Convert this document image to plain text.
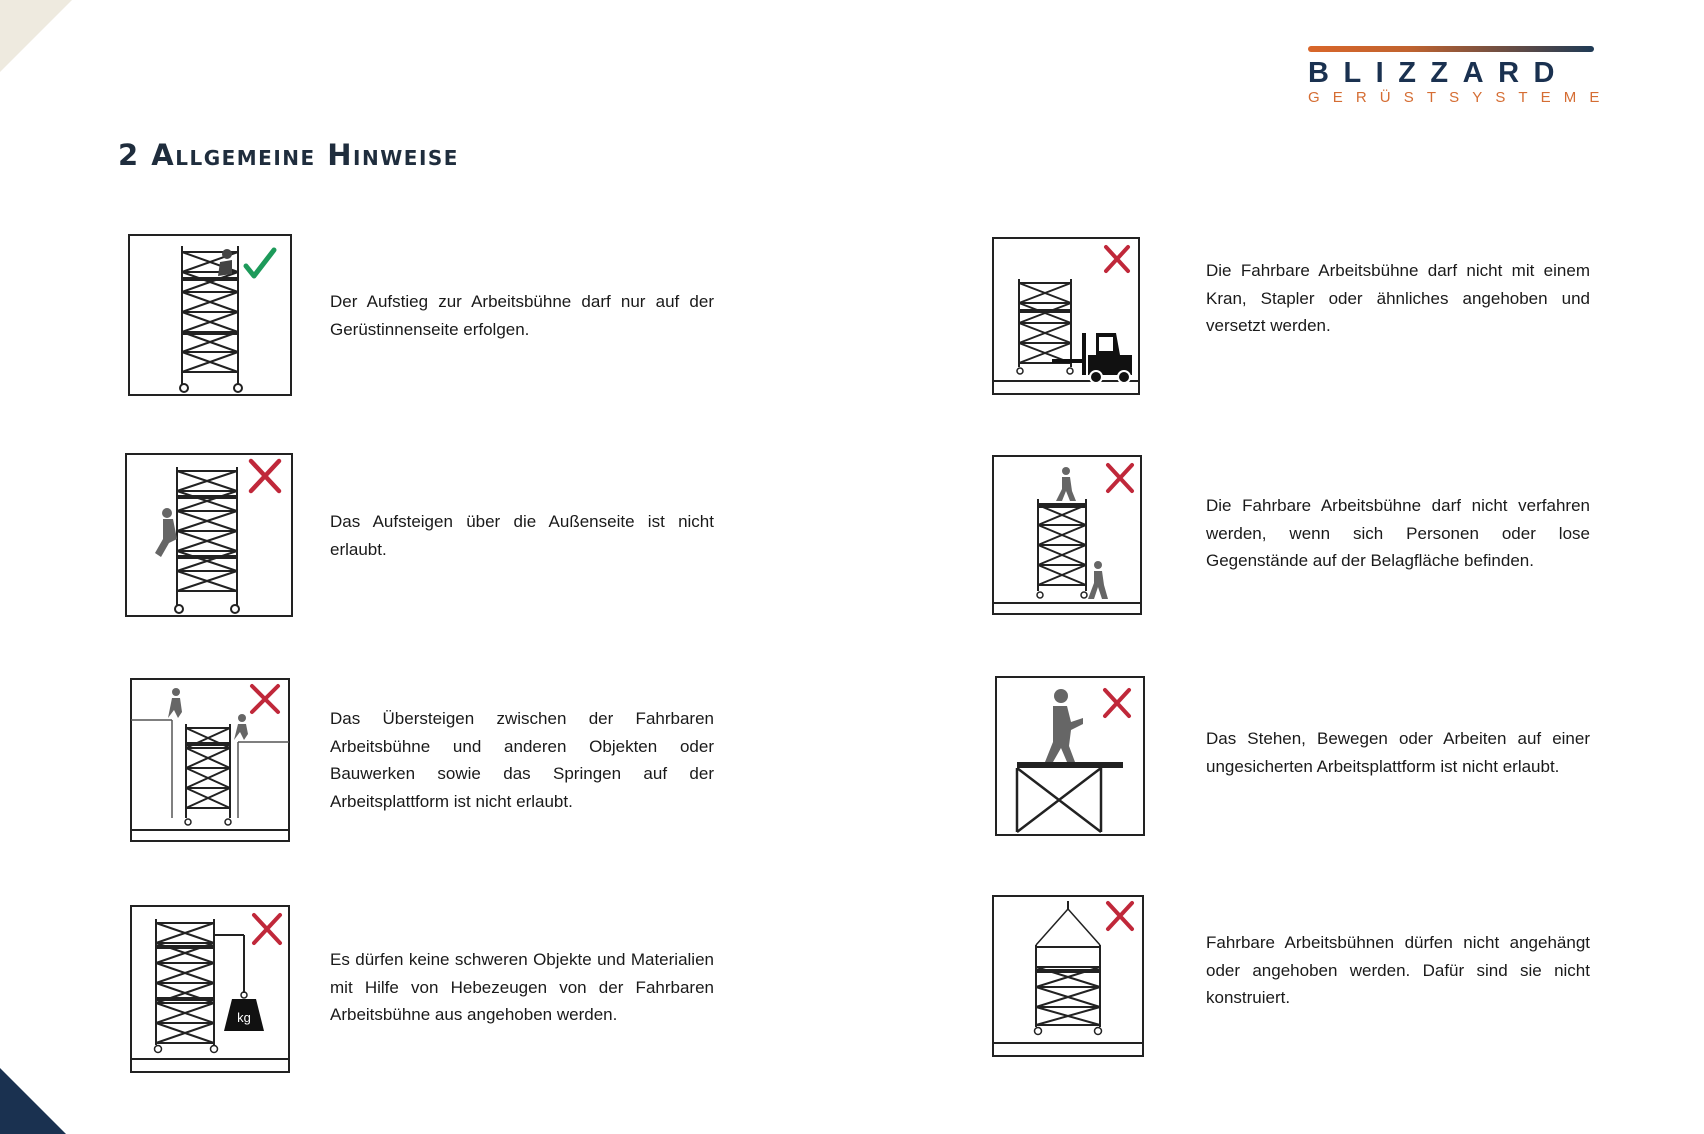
BLIZZARD
GERÜSTSYSTEME
2 Allgemeine Hinweise
Der Aufstieg zur Arbeitsbühne darf nur auf der Gerüstinnenseite erfolgen.
Die Fahrbare Arbeitsbühne darf nicht mit einem Kran, Stapler oder ähnliches angehoben und versetzt werden.
Das Aufsteigen über die Außenseite ist nicht erlaubt.
Die Fahrbare Arbeitsbühne darf nicht verfahren werden, wenn sich Personen oder lose Gegenstände auf der Belagfläche befinden.
Das Übersteigen zwischen der Fahrbaren Arbeitsbühne und anderen Objekten oder Bauwerken sowie das Springen auf der Arbeitsplattform ist nicht erlaubt.
Das Stehen, Bewegen oder Arbeiten auf einer ungesicherten Arbeitsplattform ist nicht erlaubt.
kg
Es dürfen keine schweren Objekte und Materialien mit Hilfe von Hebezeugen von der Fahrbaren Arbeitsbühne aus angehoben werden.
Fahrbare Arbeitsbühnen dürfen nicht angehängt oder angehoben werden. Dafür sind sie nicht konstruiert.
